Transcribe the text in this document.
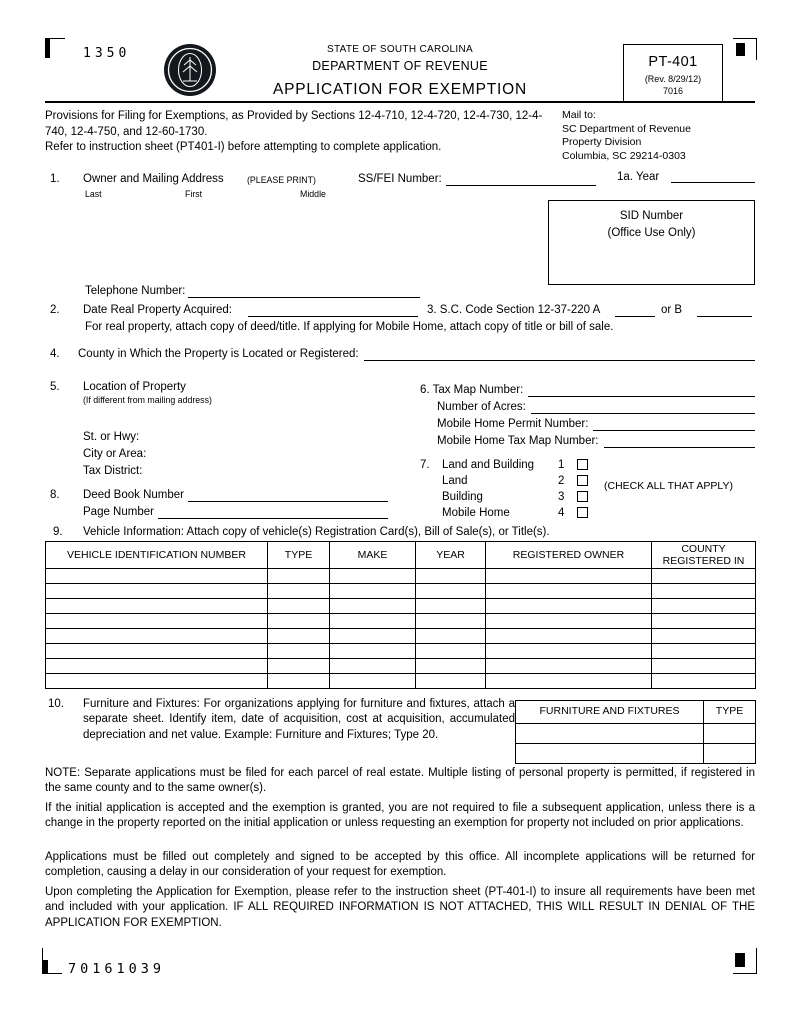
1350	STATE OF SOUTH CAROLINA
DEPARTMENT OF REVENUE
APPLICATION FOR EXEMPTION
PT-401
(Rev. 8/29/12)
7016
Provisions for Filing for Exemptions, as Provided by Sections 12-4-710, 12-4-720, 12-4-730, 12-4-740, 12-4-750, and 12-60-1730.
Refer to instruction sheet (PT401-I) before attempting to complete application.
Mail to:
SC Department of Revenue
Property Division
Columbia, SC 29214-0303
1. Owner and Mailing Address	(PLEASE PRINT)	SS/FEI Number:	1a. Year
Last	First	Middle
SID Number
(Office Use Only)
Telephone Number:
2. Date Real Property Acquired:	3. S.C. Code Section 12-37-220 A	or B
For real property, attach copy of deed/title. If applying for Mobile Home, attach copy of title or bill of sale.
4.	County in Which the Property is Located or Registered:
5. Location of Property
(If different from mailing address)
St. or Hwy:
City or Area:
Tax District:
6. Tax Map Number:
Number of Acres:
Mobile Home Permit Number:
Mobile Home Tax Map Number:
7. Land and Building 1
Land	2	(CHECK ALL THAT APPLY)
Building	3
Mobile Home	4
8. Deed Book Number
Page Number
9. Vehicle Information: Attach copy of vehicle(s) Registration Card(s), Bill of Sale(s), or Title(s).
VEHICLE IDENTIFICATION NUMBER	TYPE	MAKE	YEAR	REGISTERED OWNER	COUNTY REGISTERED IN

10.	Furniture and Fixtures: For organizations applying for furniture and fixtures, attach a separate sheet. Identify item, date of acquisition, cost at acquisition, accumulated depreciation and net value. Example: Furniture and Fixtures; Type 20.
FURNITURE AND FIXTURES	TYPE

NOTE: Separate applications must be filed for each parcel of real estate. Multiple listing of personal property is permitted, if registered in the same county and to the same owner(s).
If the initial application is accepted and the exemption is granted, you are not required to file a subsequent application, unless there is a change in the property reported on the initial application or unless requesting an exemption for property not included on prior applications.
Applications must be filled out completely and signed to be accepted by this office. All incomplete applications will be returned for completion, causing a delay in our consideration of your request for exemption.
Upon completing the Application for Exemption, please refer to the instruction sheet (PT-401-I) to insure all requirements have been met and included with your application. IF ALL REQUIRED INFORMATION IS NOT ATTACHED, THIS WILL RESULT IN DENIAL OF THE APPLICATION FOR EXEMPTION.
70161039
